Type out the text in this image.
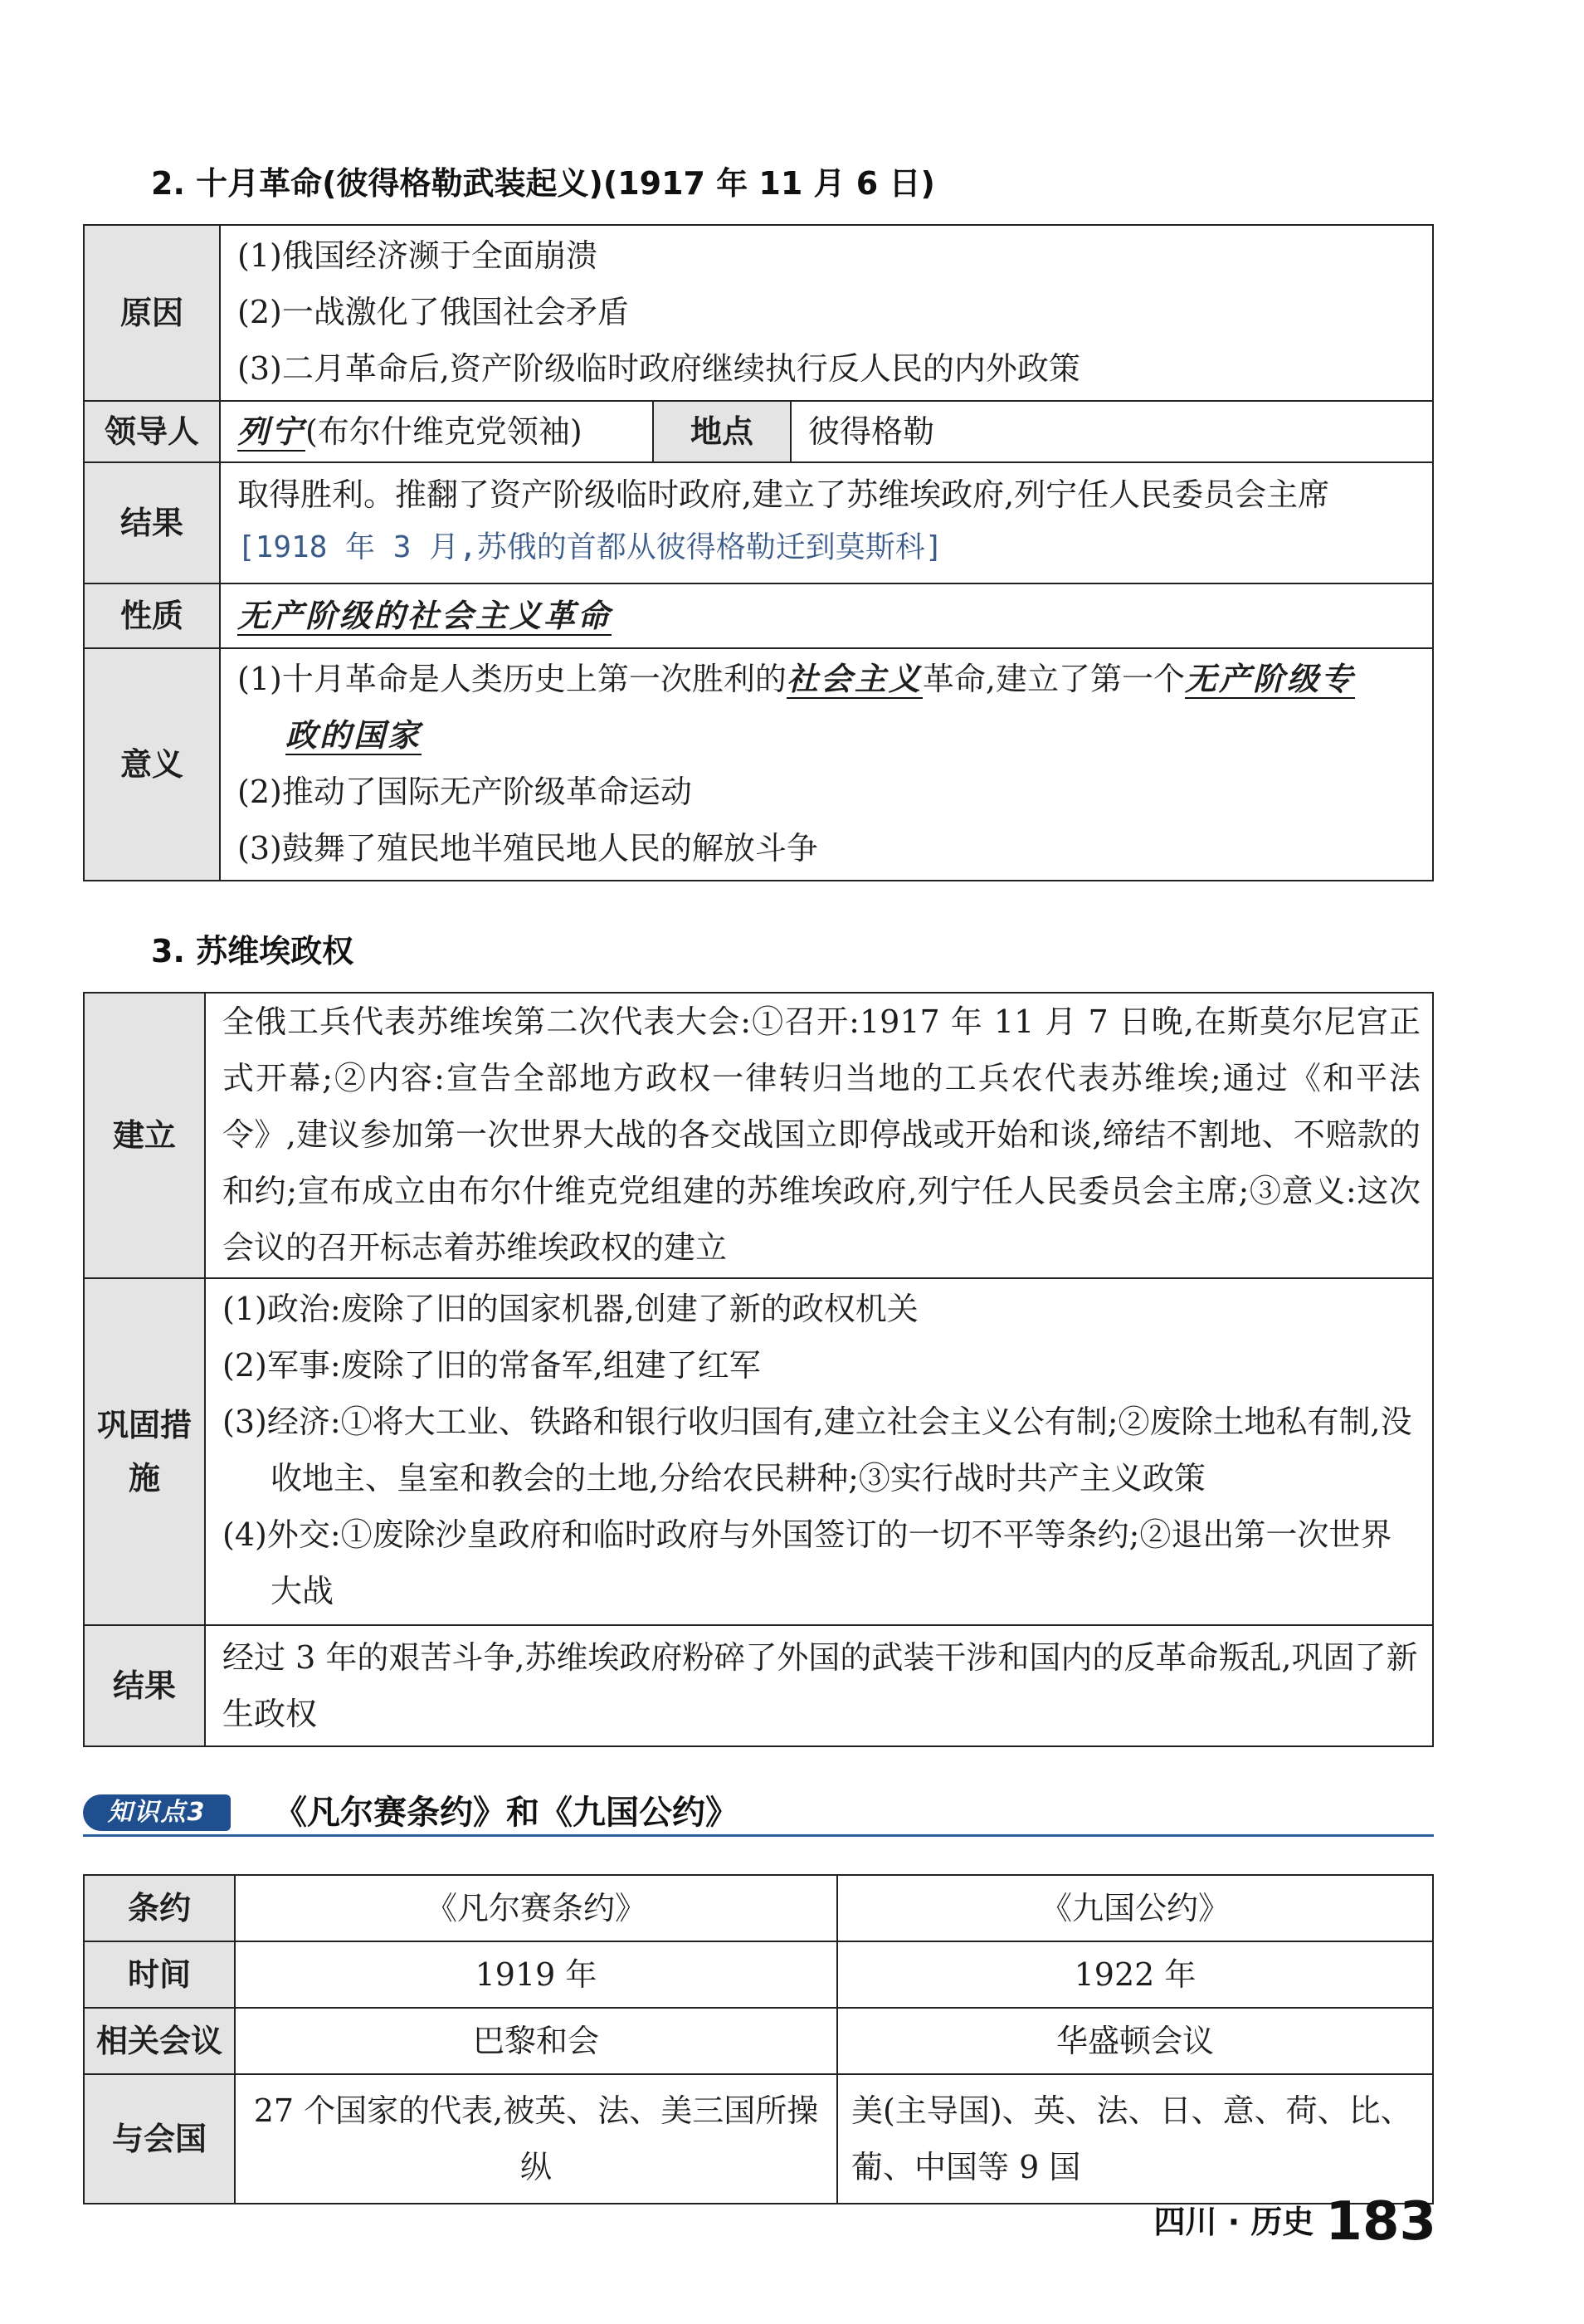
2. 十月革命(彼得格勒武装起义)(1917 年 11 月 6 日)
原因	(1)俄国经济濒于全面崩溃
(2)一战激化了俄国社会矛盾
(3)二月革命后,资产阶级临时政府继续执行反人民的内外政策		

领导人	列宁(布尔什维克党领袖)	地点	彼得格勒
结果	取得胜利。推翻了资产阶级临时政府,建立了苏维埃政府,列宁任人民委员会主席
[1918 年 3 月,苏俄的首都从彼得格勒迁到莫斯科]		

性质	无产阶级的社会主义革命		
意义	(1)十月革命是人类历史上第一次胜利的社会主义革命,建立了第一个无产阶级专
政的国家
(2)推动了国际无产阶级革命运动
(3)鼓舞了殖民地半殖民地人民的解放斗争		
3. 苏维埃政权
建立	全俄工兵代表苏维埃第二次代表大会:①召开:1917 年 11 月 7 日晚,在斯莫尔尼宫正式开幕;②内容:宣告全部地方政权一律转归当地的工兵农代表苏维埃;通过《和平法令》,建议参加第一次世界大战的各交战国立即停战或开始和谈,缔结不割地、不赔款的和约;宣布成立由布尔什维克党组建的苏维埃政府,列宁任人民委员会主席;③意义:这次会议的召开标志着苏维埃政权的建立
巩固措施	(1)政治:废除了旧的国家机器,创建了新的政权机关
(2)军事:废除了旧的常备军,组建了红军
(3)经济:①将大工业、铁路和银行收归国有,建立社会主义公有制;②废除土地私有制,没收地主、皇室和教会的土地,分给农民耕种;③实行战时共产主义政策
(4)外交:①废除沙皇政府和临时政府与外国签订的一切不平等条约;②退出第一次世界大战

结果	经过 3 年的艰苦斗争,苏维埃政府粉碎了外国的武装干涉和国内的反革命叛乱,巩固了新生政权
知识点3	《凡尔赛条约》和《九国公约》
条约	《凡尔赛条约》	《九国公约》
时间	1919 年	1922 年
相关会议	巴黎和会	华盛顿会议
与会国	27 个国家的代表,被英、法、美三国所操纵	美(主导国)、英、法、日、意、荷、比、葡、中国等 9 国
四川 · 历史 183
